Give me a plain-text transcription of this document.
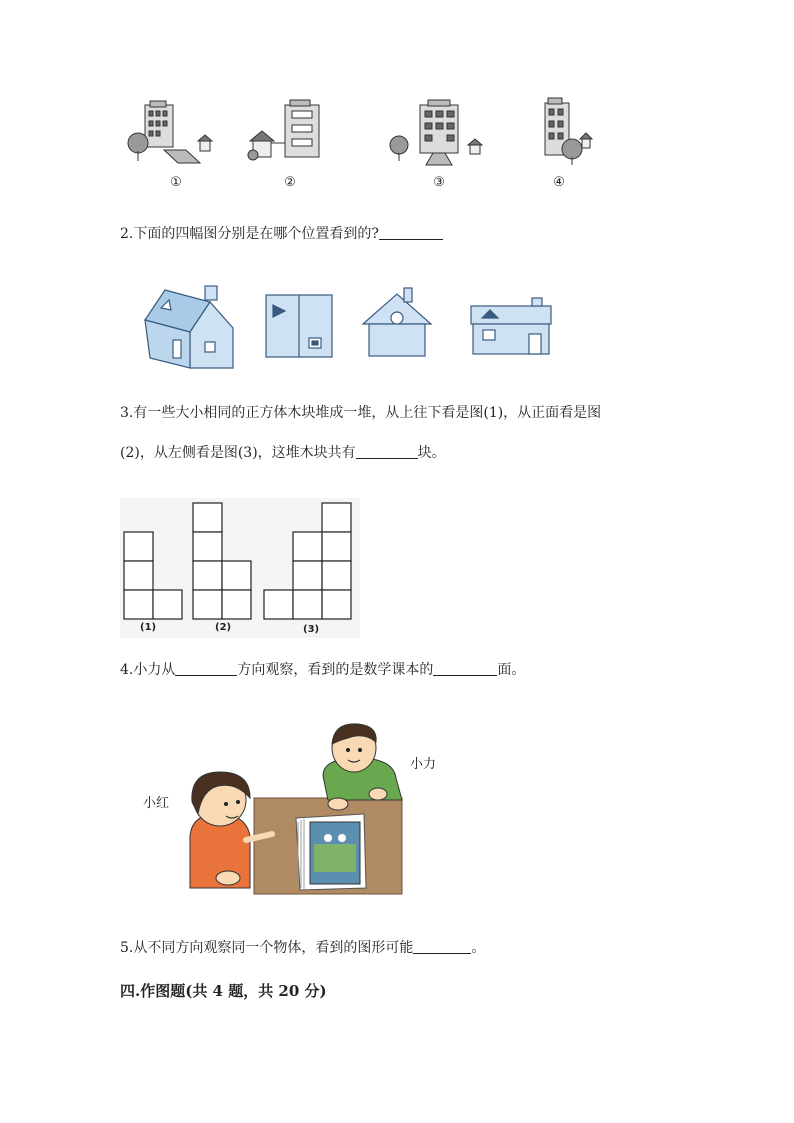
①	②	③	④
2.下面的四幅图分别是在哪个位置看到的?
3.有一些大小相同的正方体木块堆成一堆，从上往下看是图(1)，从正面看是图
(2)，从左侧看是图(3)，这堆木块共有	块。
(1)	(2)	(3)
4.小力从	方向观察，看到的是数学课本的	面。
小力
小红
5.从不同方向观察同一个物体，看到的图形可能	。
四.作图题(共 4 题，共 20 分)
